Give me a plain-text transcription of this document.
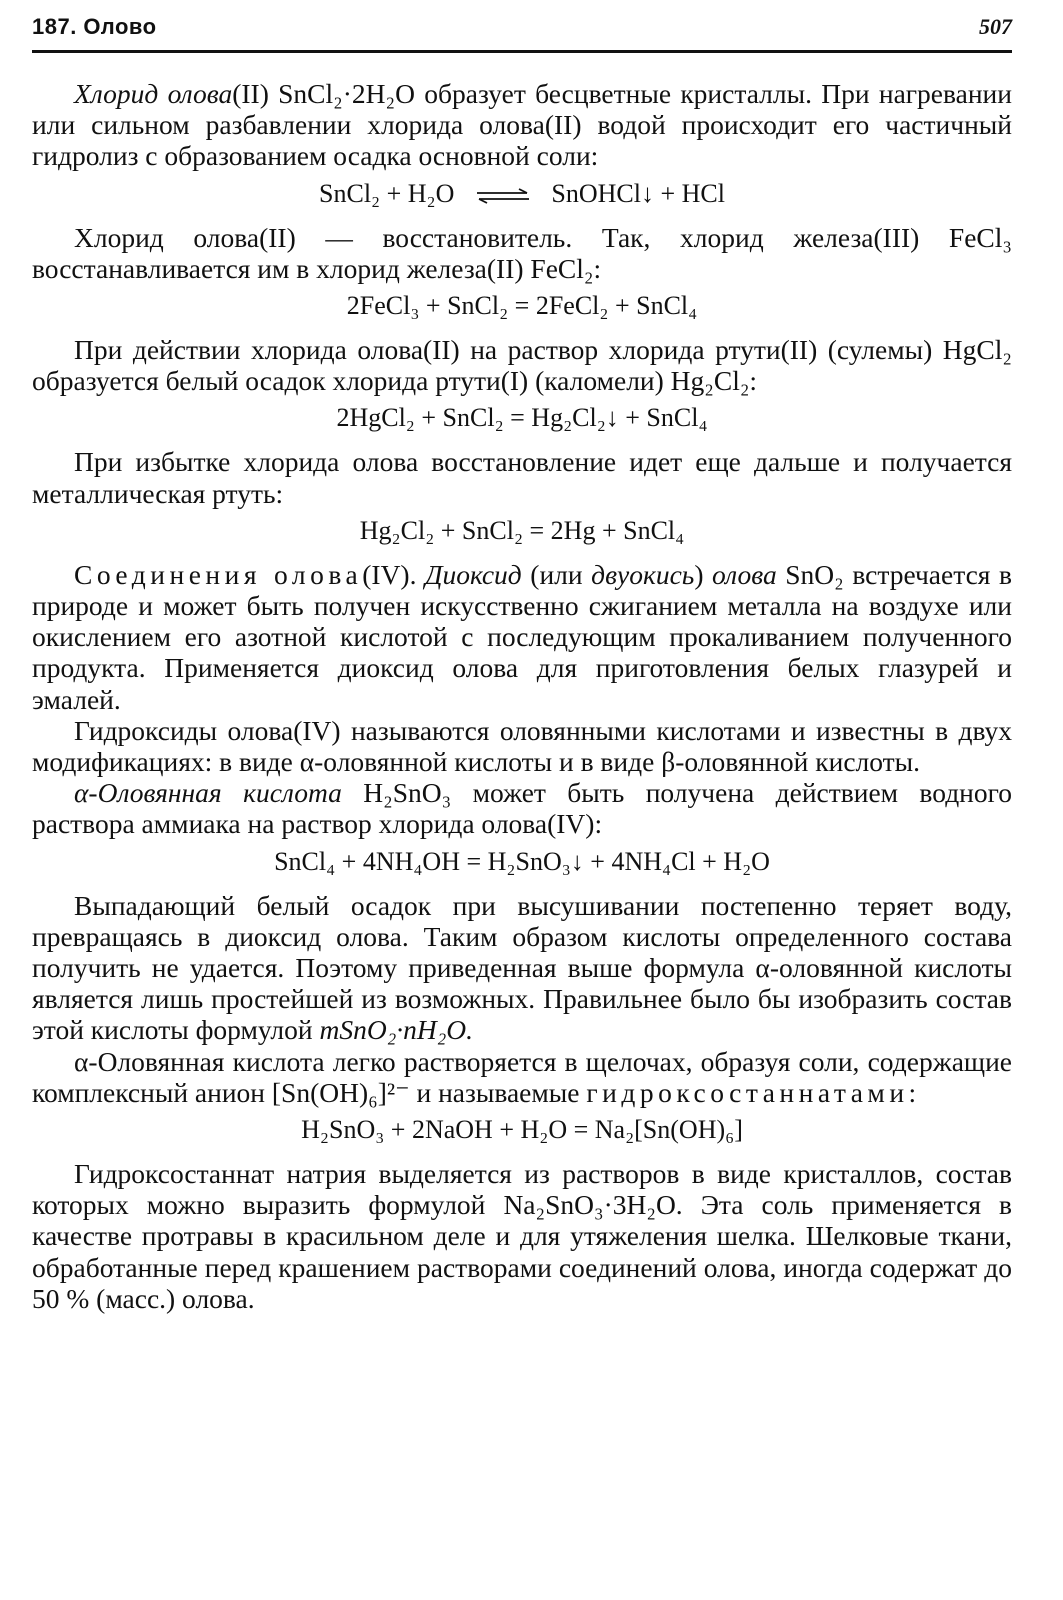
187. Олово	507

Хлорид олова(II) SnCl₂·2H₂O образует бесцветные кристаллы. При нагревании или сильном разбавлении хлорида олова(II) водой происходит его частичный гидролиз с образованием осадка основной соли:

SnCl₂ + H₂O ⇌ SnOHCl↓ + HCl

Хлорид олова(II) — восстановитель. Так, хлорид железа(III) FeCl₃ восстанавливается им в хлорид железа(II) FeCl₂:

2FeCl₃ + SnCl₂ = 2FeCl₂ + SnCl₄

При действии хлорида олова(II) на раствор хлорида ртути(II) (сулемы) HgCl₂ образуется белый осадок хлорида ртути(I) (каломели) Hg₂Cl₂:

2HgCl₂ + SnCl₂ = Hg₂Cl₂↓ + SnCl₄

При избытке хлорида олова восстановление идет еще дальше и получается металлическая ртуть:

Hg₂Cl₂ + SnCl₂ = 2Hg + SnCl₄

Соединения олова(IV). Диоксид (или двуокись) олова SnO₂ встречается в природе и может быть получен искусственно сжиганием металла на воздухе или окислением его азотной кислотой с последующим прокаливанием полученного продукта. Применяется диоксид олова для приготовления белых глазурей и эмалей.

Гидроксиды олова(IV) называются оловянными кислотами и известны в двух модификациях: в виде α-оловянной кислоты и в виде β-оловянной кислоты.

α-Оловянная кислота H₂SnO₃ может быть получена действием водного раствора аммиака на раствор хлорида олова(IV):

SnCl₄ + 4NH₄OH = H₂SnO₃↓ + 4NH₄Cl + H₂O

Выпадающий белый осадок при высушивании постепенно теряет воду, превращаясь в диоксид олова. Таким образом кислоты определенного состава получить не удается. Поэтому приведенная выше формула α-оловянной кислоты является лишь простейшей из возможных. Правильнее было бы изобразить состав этой кислоты формулой mSnO₂·nH₂O.

α-Оловянная кислота легко растворяется в щелочах, образуя соли, содержащие комплексный анион [Sn(OH)₆]²⁻ и называемые гидроксостаннатами:

H₂SnO₃ + 2NaOH + H₂O = Na₂[Sn(OH)₆]

Гидроксостаннат натрия выделяется из растворов в виде кристаллов, состав которых можно выразить формулой Na₂SnO₃·3H₂O. Эта соль применяется в качестве протравы в красильном деле и для утяжеления шелка. Шелковые ткани, обработанные перед крашением растворами соединений олова, иногда содержат до 50 % (масс.) олова.
